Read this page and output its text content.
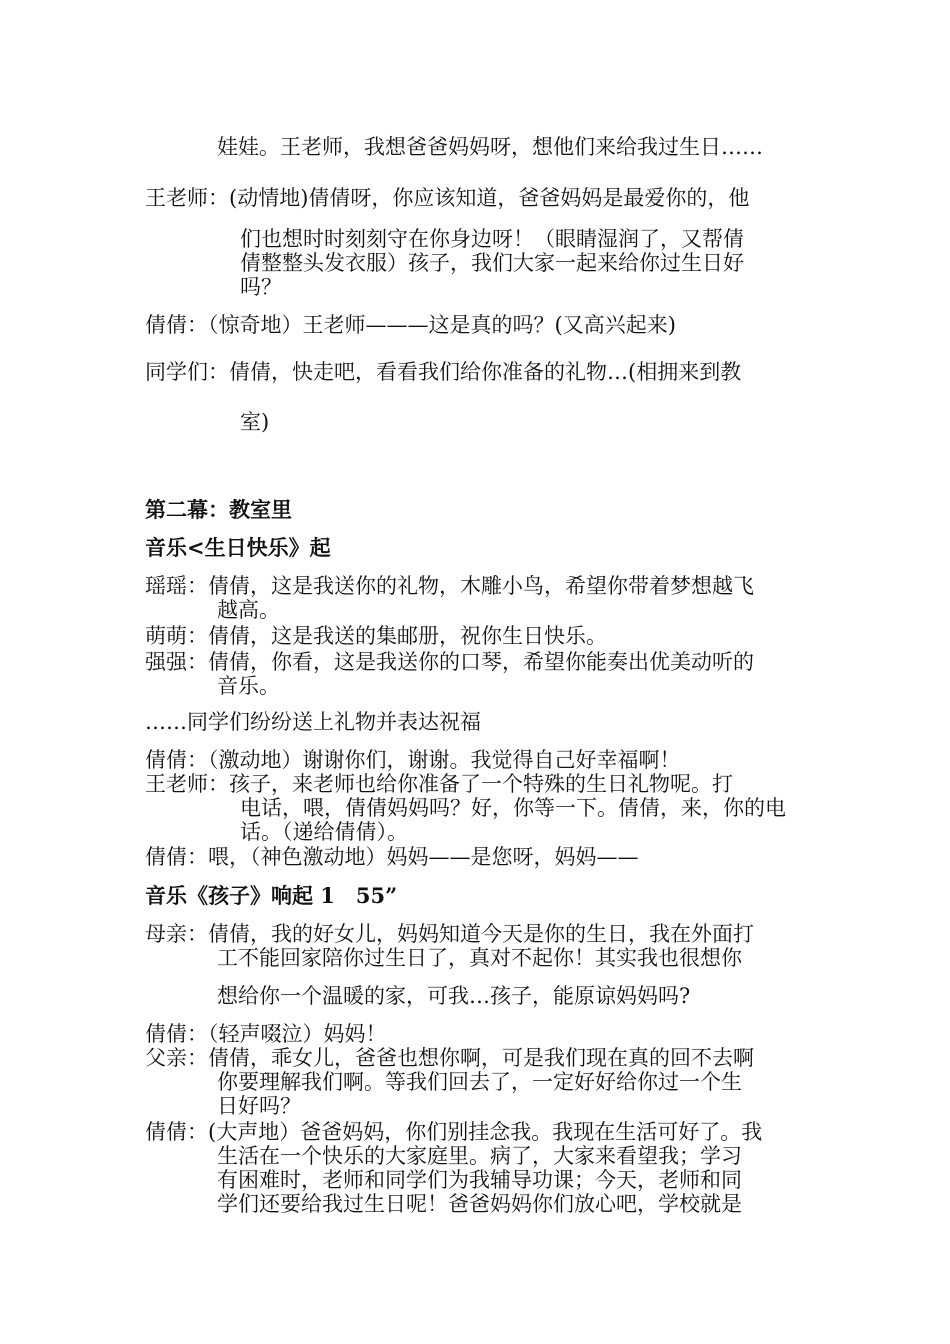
娃娃。王老师，我想爸爸妈妈呀，想他们来给我过生日……
王老师：(动情地)倩倩呀，你应该知道，爸爸妈妈是最爱你的，他
们也想时时刻刻守在你身边呀！（眼睛湿润了，又帮倩
倩整整头发衣服）孩子，我们大家一起来给你过生日好
吗？
倩倩：（惊奇地）王老师———这是真的吗？(又高兴起来)
同学们：倩倩，快走吧，看看我们给你准备的礼物…(相拥来到教
室)
第二幕：教室里
音乐<生日快乐》起
瑶瑶：倩倩，这是我送你的礼物，木雕小鸟，希望你带着梦想越飞
越高。
萌萌：倩倩，这是我送的集邮册，祝你生日快乐。
强强：倩倩，你看，这是我送你的口琴，希望你能奏出优美动听的
音乐。
……同学们纷纷送上礼物并表达祝福
倩倩：（激动地）谢谢你们，谢谢。我觉得自己好幸福啊！
王老师：孩子，来老师也给你准备了一个特殊的生日礼物呢。打
电话，喂，倩倩妈妈吗？好，你等一下。倩倩，来，你的电
话。（递给倩倩）。
倩倩：喂，（神色激动地）妈妈——是您呀，妈妈——
音乐《孩子》响起 1　55”
母亲：倩倩，我的好女儿，妈妈知道今天是你的生日，我在外面打
工不能回家陪你过生日了，真对不起你！其实我也很想你
想给你一个温暖的家，可我…孩子，能原谅妈妈吗?
倩倩：（轻声啜泣）妈妈！
父亲：倩倩，乖女儿，爸爸也想你啊，可是我们现在真的回不去啊
你要理解我们啊。等我们回去了，一定好好给你过一个生
日好吗？
倩倩：(大声地）爸爸妈妈，你们别挂念我。我现在生活可好了。我
生活在一个快乐的大家庭里。病了，大家来看望我；学习
有困难时，老师和同学们为我辅导功课；今天，老师和同
学们还要给我过生日呢！爸爸妈妈你们放心吧，学校就是
